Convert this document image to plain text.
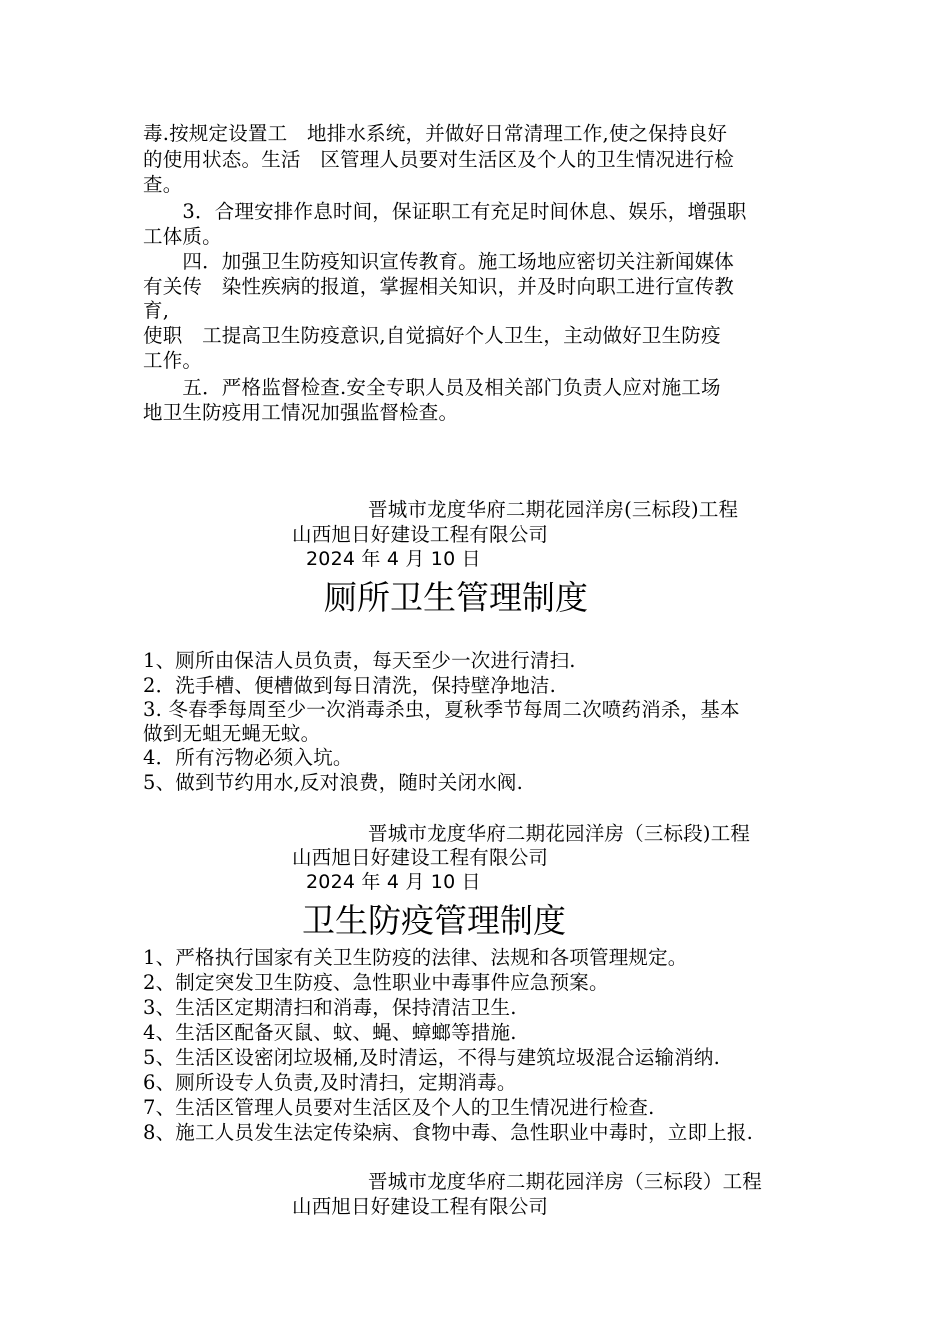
毒.按规定设置工　地排水系统，并做好日常清理工作,使之保持良好
的使用状态。生活　区管理人员要对生活区及个人的卫生情况进行检
查。
　　3．合理安排作息时间，保证职工有充足时间休息、娱乐，增强职
工体质。
　　四．加强卫生防疫知识宣传教育。施工场地应密切关注新闻媒体
有关传　染性疾病的报道，掌握相关知识，并及时向职工进行宣传教
育,
使职　工提高卫生防疫意识,自觉搞好个人卫生，主动做好卫生防疫
工作。
　　五．严格监督检查.安全专职人员及相关部门负责人应对施工场
地卫生防疫用工情况加强监督检查。
晋城市龙度华府二期花园洋房(三标段)工程
山西旭日好建设工程有限公司
2024 年 4 月 10 日
厕所卫生管理制度
1、厕所由保洁人员负责，每天至少一次进行清扫.
2．洗手槽、便槽做到每日清洗，保持壁净地洁.
3. 冬春季每周至少一次消毒杀虫，夏秋季节每周二次喷药消杀，基本
做到无蛆无蝇无蚊。
4．所有污物必须入坑。
5、做到节约用水,反对浪费，随时关闭水阀.
晋城市龙度华府二期花园洋房（三标段)工程
山西旭日好建设工程有限公司
2024 年 4 月 10 日
卫生防疫管理制度
1、严格执行国家有关卫生防疫的法律、法规和各项管理规定。
2、制定突发卫生防疫、急性职业中毒事件应急预案。
3、生活区定期清扫和消毒，保持清洁卫生.
4、生活区配备灭鼠、蚊、蝇、蟑螂等措施.
5、生活区设密闭垃圾桶,及时清运，不得与建筑垃圾混合运输消纳.
6、厕所设专人负责,及时清扫，定期消毒。
7、生活区管理人员要对生活区及个人的卫生情况进行检查.
8、施工人员发生法定传染病、食物中毒、急性职业中毒时，立即上报.
晋城市龙度华府二期花园洋房（三标段）工程
山西旭日好建设工程有限公司
